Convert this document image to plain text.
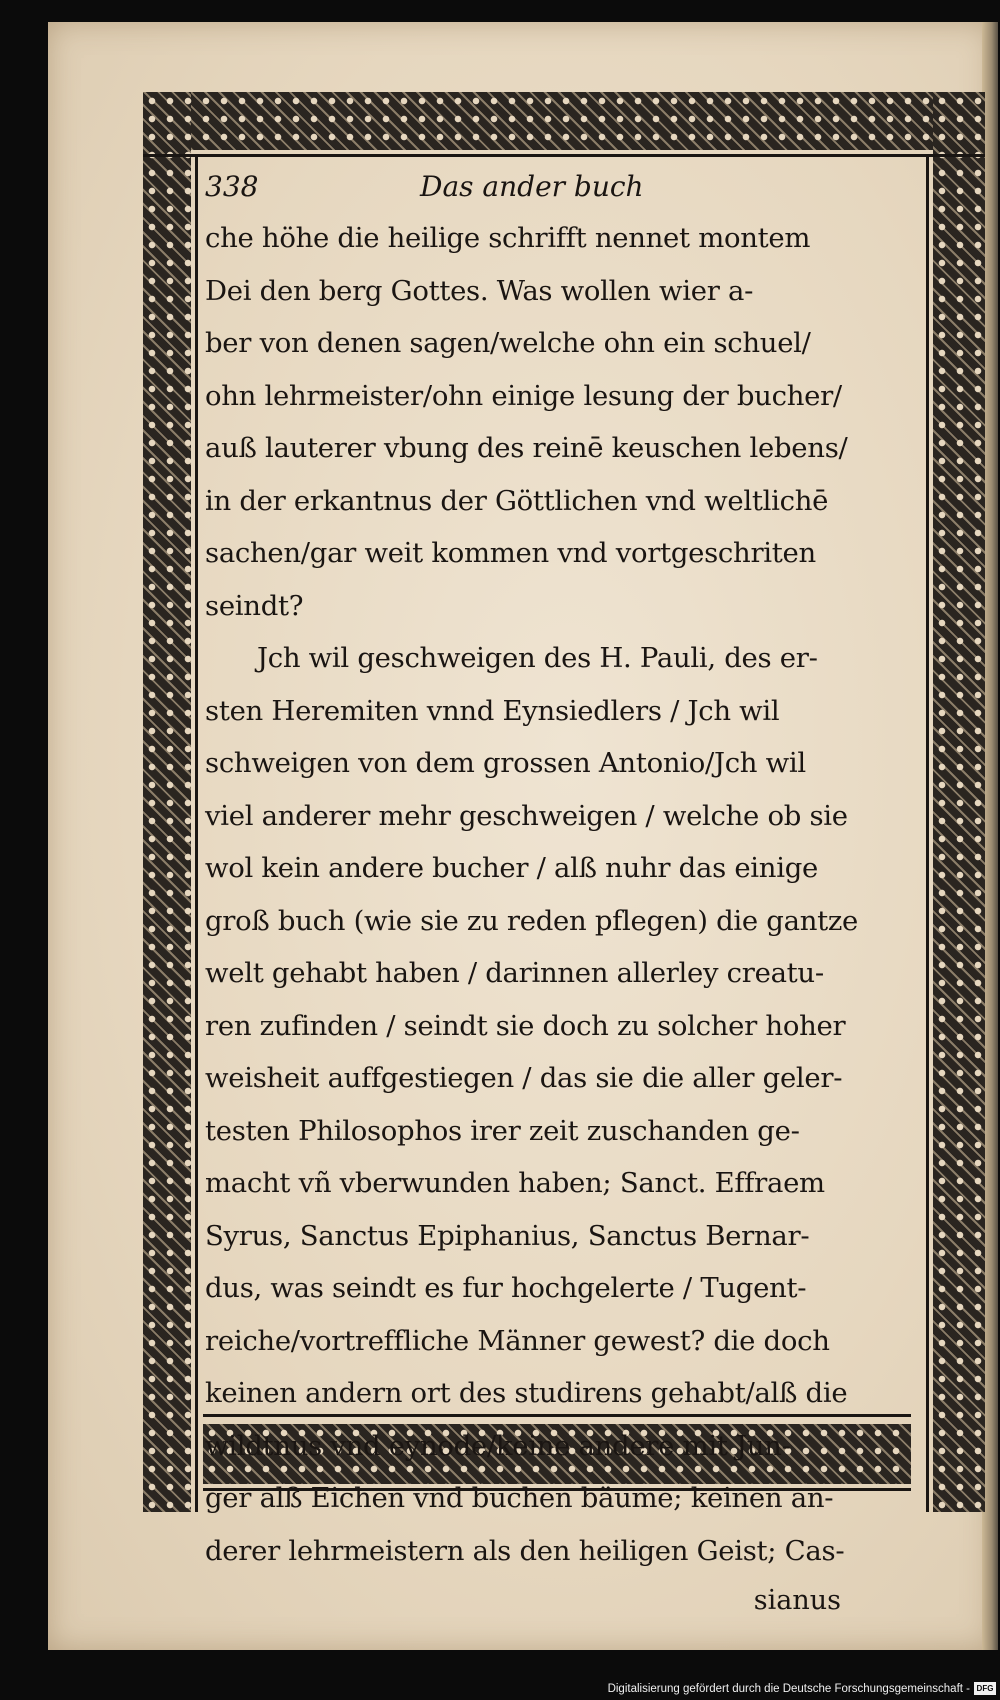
338	Das ander buch
che höhe die heilige schrifft nennet montem
Dei den berg Gottes. Was wollen wier a-
ber von denen sagen/welche ohn ein schuel/
ohn lehrmeister/ohn einige lesung der bucher/
auß lauterer vbung des reinē keuschen lebens/
in der erkantnus der Göttlichen vnd weltlichē
sachen/gar weit kommen vnd vortgeschriten
seindt?
Jch wil geschweigen des H. Pauli, des er-
sten Heremiten vnnd Eynsiedlers / Jch wil
schweigen von dem grossen Antonio/Jch wil
viel anderer mehr geschweigen / welche ob sie
wol kein andere bucher / alß nuhr das einige
groß buch (wie sie zu reden pflegen) die gantze
welt gehabt haben / darinnen allerley creatu-
ren zufinden / seindt sie doch zu solcher hoher
weisheit auffgestiegen / das sie die aller geler-
testen Philosophos irer zeit zuschanden ge-
macht vñ vberwunden haben; Sanct. Effraem
Syrus, Sanctus Epiphanius, Sanctus Bernar-
dus, was seindt es fur hochgelerte / Tugent-
reiche/vortreffliche Männer gewest? die doch
keinen andern ort des studirens gehabt/alß die
wildtnus vnd eynode/keine andere mit Jun-
ger alß Eichen vnd buchen bäume; keinen an-
derer lehrmeistern als den heiligen Geist; Cas-
sianus
Digitalisierung gefördert durch die Deutsche Forschungsgemeinschaft - DFG
